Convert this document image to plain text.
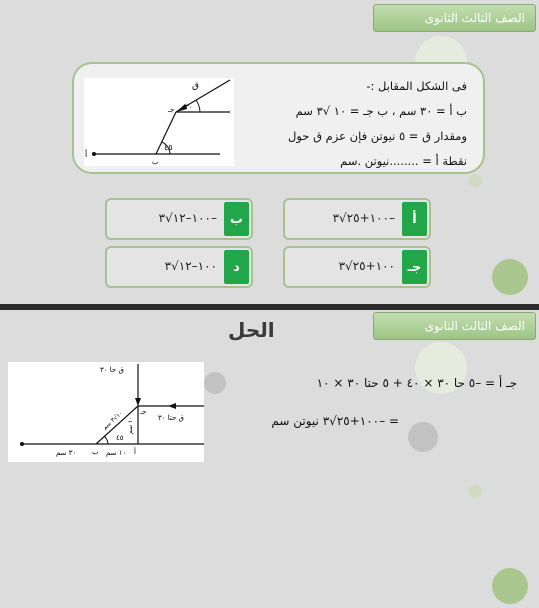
الصف الثالث الثانوى
فى الشكل المقابل :-
ب أ = ٣٠ سم ، ب جـ = ١٠ √٣ سم
ومقدار ق = ٥ نيوتن فإن عزم ق حول
نقطة أ = ........نيوتن .سم
٤٥
٣٠
ق
جـ
ب
أ
أ
–١٠٠+٢٥√٣
ب
–١٠٠–١٢√٣
جـ
١٠٠+٢٥√٣
د
١٠٠–١٢√٣
الصف الثالث الثانوى
الحل
ق حا ٣٠
ق حتا ٣٠
٤٥
١٠√٣ سم
١٠ سم
٣٠ سم	١٠ سم
جـ
ب	أ
جـ أ = –٥ حا ٣٠ × ٤٠ + ٥ حتا ٣٠ × ١٠
= –١٠٠+٢٥√٣ نيوتن سم
